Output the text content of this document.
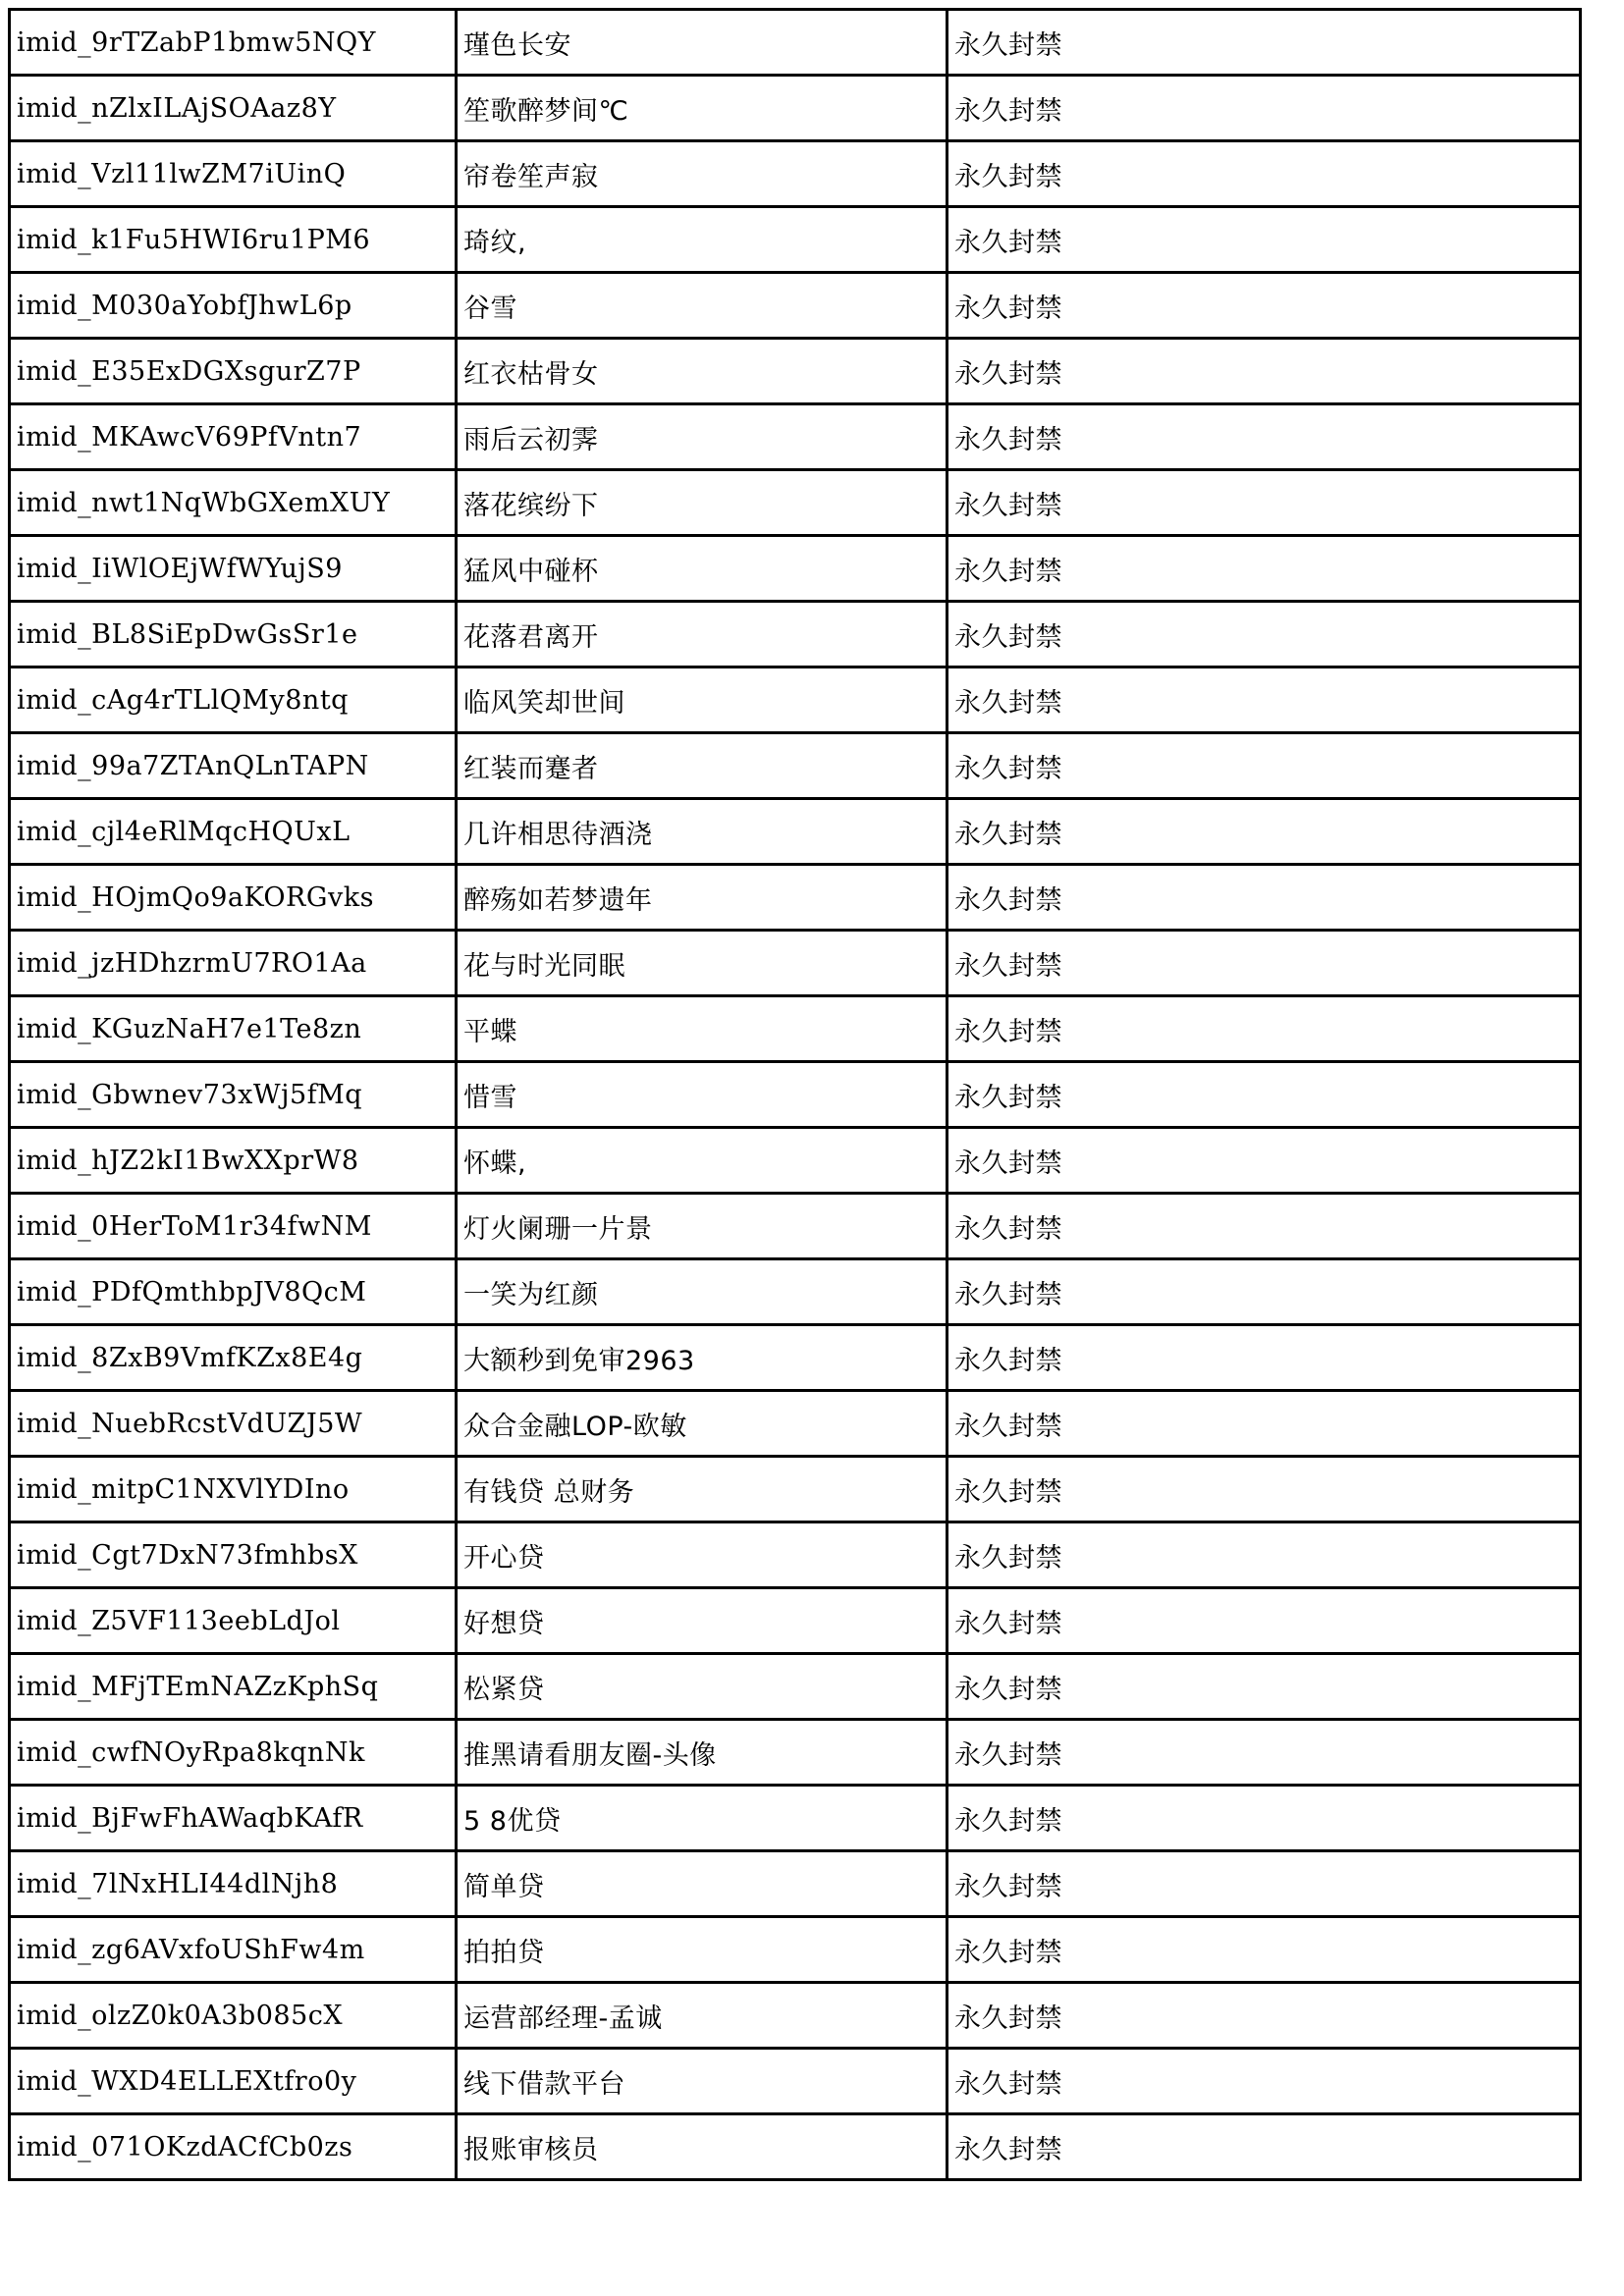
imid_9rTZabP1bmw5NQY	瑾色长安	永久封禁
imid_nZlxILAjSOAaz8Y	笙歌醉梦间℃	永久封禁
imid_Vzl11lwZM7iUinQ	帘卷笙声寂	永久封禁
imid_k1Fu5HWI6ru1PM6	琦纹,	永久封禁
imid_M030aYobfJhwL6p	谷雪	永久封禁
imid_E35ExDGXsgurZ7P	红衣枯骨女	永久封禁
imid_MKAwcV69PfVntn7	雨后云初霁	永久封禁
imid_nwt1NqWbGXemXUY	落花缤纷下	永久封禁
imid_IiWlOEjWfWYujS9	猛风中碰杯	永久封禁
imid_BL8SiEpDwGsSr1e	花落君离开	永久封禁
imid_cAg4rTLlQMy8ntq	临风笑却世间	永久封禁
imid_99a7ZTAnQLnTAPN	红装而蹇者	永久封禁
imid_cjl4eRlMqcHQUxL	几许相思待酒浇	永久封禁
imid_HOjmQo9aKORGvks	醉殇如若梦遗年	永久封禁
imid_jzHDhzrmU7RO1Aa	花与时光同眠	永久封禁
imid_KGuzNaH7e1Te8zn	平蝶	永久封禁
imid_Gbwnev73xWj5fMq	惜雪	永久封禁
imid_hJZ2kI1BwXXprW8	怀蝶,	永久封禁
imid_0HerToM1r34fwNM	灯火阑珊一片景	永久封禁
imid_PDfQmthbpJV8QcM	一笑为红颜	永久封禁
imid_8ZxB9VmfKZx8E4g	大额秒到免审2963	永久封禁
imid_NuebRcstVdUZJ5W	众合金融LOP-欧敏	永久封禁
imid_mitpC1NXVlYDIno	有钱贷 总财务	永久封禁
imid_Cgt7DxN73fmhbsX	开心贷	永久封禁
imid_Z5VF113eebLdJol	好想贷	永久封禁
imid_MFjTEmNAZzKphSq	松紧贷	永久封禁
imid_cwfNOyRpa8kqnNk	推黑请看朋友圈-头像	永久封禁
imid_BjFwFhAWaqbKAfR	5 8优贷	永久封禁
imid_7lNxHLI44dlNjh8	简单贷	永久封禁
imid_zg6AVxfoUShFw4m	拍拍贷	永久封禁
imid_olzZ0k0A3b085cX	运营部经理-孟诚	永久封禁
imid_WXD4ELLEXtfro0y	线下借款平台	永久封禁
imid_071OKzdACfCb0zs	报账审核员	永久封禁
